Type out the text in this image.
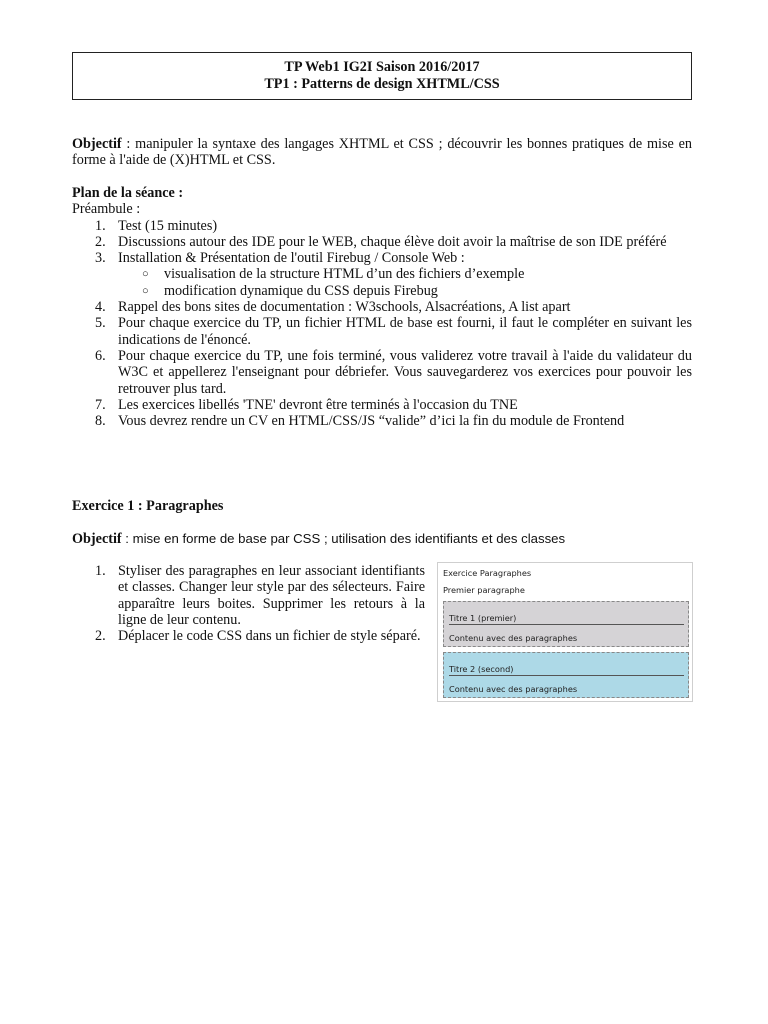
TP Web1 IG2I Saison 2016/2017
TP1 : Patterns de design XHTML/CSS
Objectif : manipuler la syntaxe des langages XHTML et CSS ; découvrir les bonnes pratiques de mise en forme à l'aide de (X)HTML et CSS.
Plan de la séance :
Préambule :
1. Test (15 minutes)
2. Discussions autour des IDE pour le WEB, chaque élève doit avoir la maîtrise de son IDE préféré
3. Installation & Présentation de l'outil Firebug / Console Web :
○ visualisation de la structure HTML d’un des fichiers d’exemple
○ modification dynamique du CSS depuis Firebug
4. Rappel des bons sites de documentation : W3schools, Alsacréations, A list apart
5. Pour chaque exercice du TP, un fichier HTML de base est fourni, il faut le compléter en suivant les indications de l'énoncé.
6. Pour chaque exercice du TP, une fois terminé, vous validerez votre travail à l'aide du validateur du W3C et appellerez l'enseignant pour débriefer. Vous sauvegarderez vos exercices pour pouvoir les retrouver plus tard.
7. Les exercices libellés 'TNE' devront être terminés à l'occasion du TNE
8. Vous devrez rendre un CV en HTML/CSS/JS “valide” d’ici la fin du module de Frontend
Exercice 1 : Paragraphes
Objectif : mise en forme de base par CSS ; utilisation des identifiants et des classes
1. Styliser des paragraphes en leur associant identifiants et classes. Changer leur style par des sélecteurs. Faire apparaître leurs boites. Supprimer les retours à la ligne de leur contenu.
2. Déplacer le code CSS dans un fichier de style séparé.
Exercice Paragraphes
Premier paragraphe
Titre 1 (premier)
Contenu avec des paragraphes
Titre 2 (second)
Contenu avec des paragraphes
